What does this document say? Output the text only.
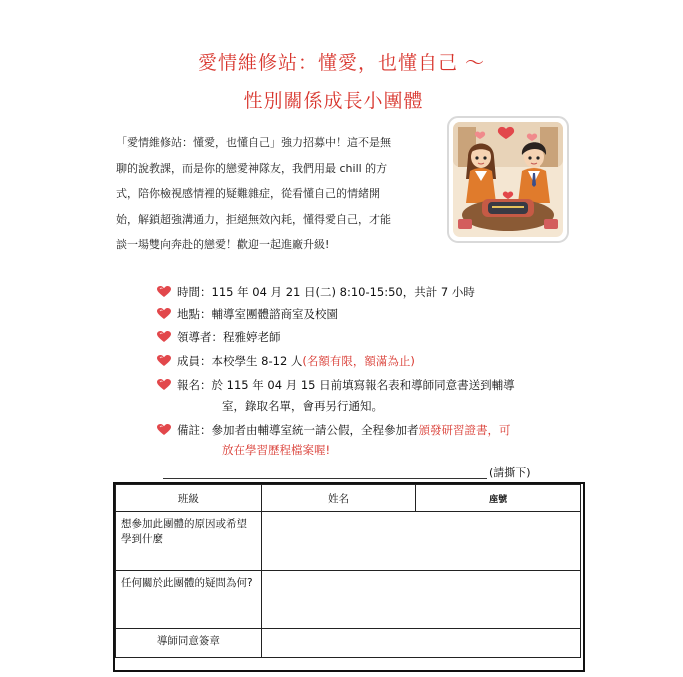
愛情維修站：懂愛，也懂自己 ～
性別關係成長小團體
「愛情維修站：懂愛，也懂自己」強力招募中！這不是無
聊的說教課，而是你的戀愛神隊友，我們用最 chill 的方
式，陪你檢視感情裡的疑難雜症，從看懂自己的情緒開
始，解鎖超強溝通力，拒絕無效內耗，懂得愛自己，才能
談一場雙向奔赴的戀愛！歡迎一起進廠升級!
時間： 115 年 04 月 21 日(二) 8:10-15:50，共計 7 小時
地點： 輔導室團體諮商室及校園
領導者： 程雅婷老師
成員： 本校學生 8-12 人 (名額有限，額滿為止)
報名： 於 115 年 04 月 15 日前填寫報名表和導師同意書送到輔導
室，錄取名單，會再另行通知。
備註： 參加者由輔導室統一請公假，全程參加者 頒發研習證書，可
放在學習歷程檔案喔!
(請撕下)
班級	姓名	座號
想參加此團體的原因或希望學到什麼		
任何關於此團體的疑問為何?		
導師同意簽章		
